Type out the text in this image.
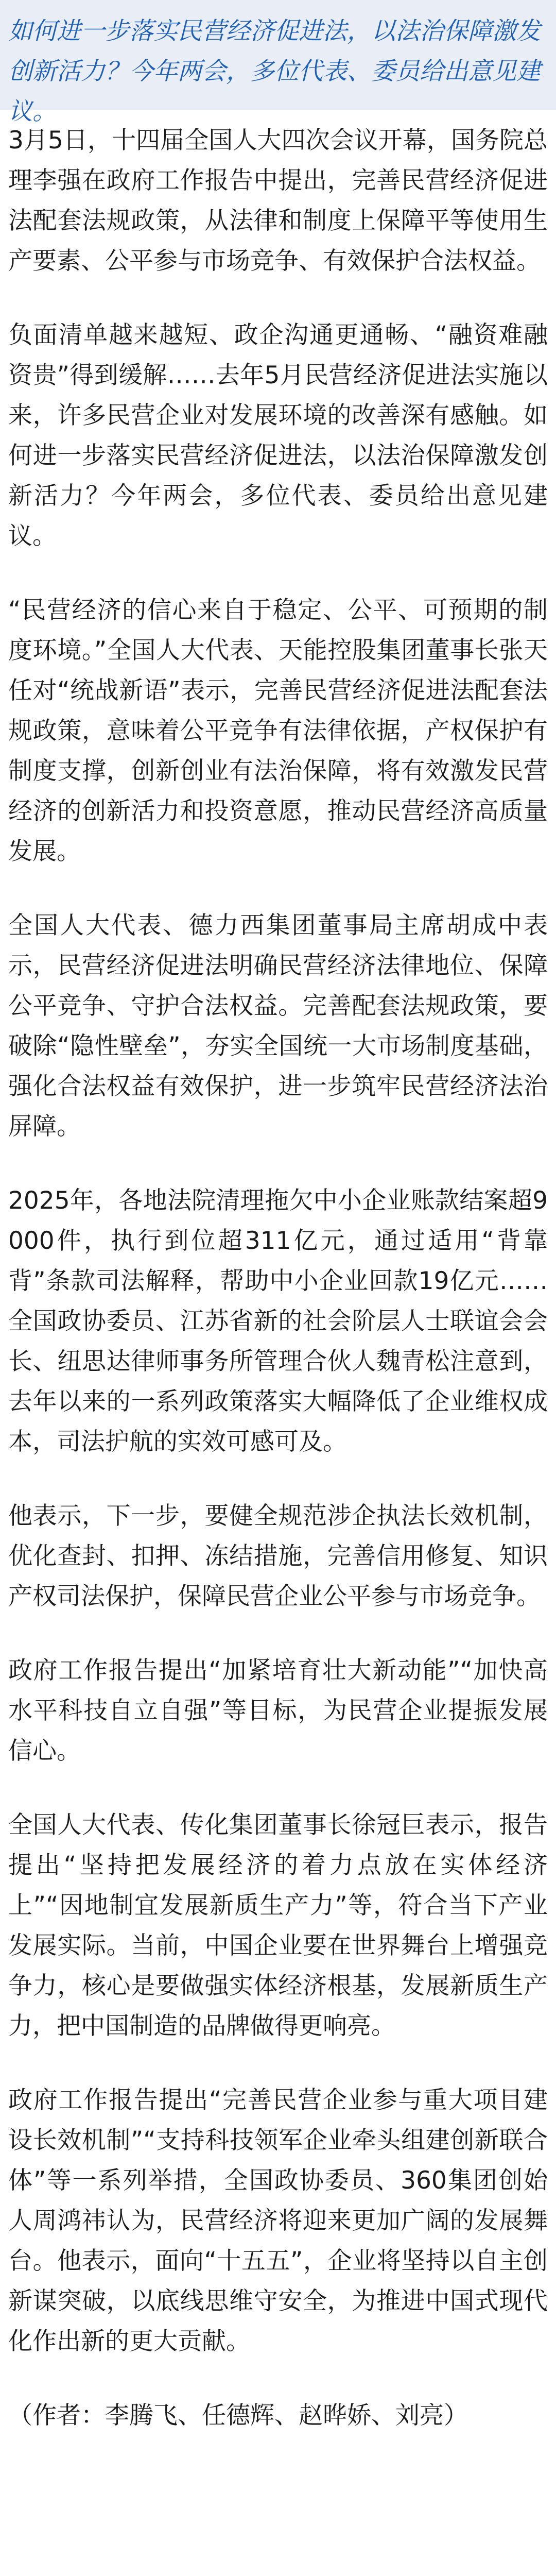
如何进一步落实民营经济促进法，以法治保障激发创新活力？今年两会，多位代表、委员给出意见建议。

3月5日，十四届全国人大四次会议开幕，国务院总理李强在政府工作报告中提出，完善民营经济促进法配套法规政策，从法律和制度上保障平等使用生产要素、公平参与市场竞争、有效保护合法权益。

负面清单越来越短、政企沟通更通畅、“融资难融资贵”得到缓解……去年5月民营经济促进法实施以来，许多民营企业对发展环境的改善深有感触。如何进一步落实民营经济促进法，以法治保障激发创新活力？今年两会，多位代表、委员给出意见建议。

“民营经济的信心来自于稳定、公平、可预期的制度环境。”全国人大代表、天能控股集团董事长张天任对“统战新语”表示，完善民营经济促进法配套法规政策，意味着公平竞争有法律依据，产权保护有制度支撑，创新创业有法治保障，将有效激发民营经济的创新活力和投资意愿，推动民营经济高质量发展。

全国人大代表、德力西集团董事局主席胡成中表示，民营经济促进法明确民营经济法律地位、保障公平竞争、守护合法权益。完善配套法规政策，要破除“隐性壁垒”，夯实全国统一大市场制度基础，强化合法权益有效保护，进一步筑牢民营经济法治屏障。

2025年，各地法院清理拖欠中小企业账款结案超9000件，执行到位超311亿元，通过适用“背靠背”条款司法解释，帮助中小企业回款19亿元……全国政协委员、江苏省新的社会阶层人士联谊会会长、纽思达律师事务所管理合伙人魏青松注意到，去年以来的一系列政策落实大幅降低了企业维权成本，司法护航的实效可感可及。

他表示，下一步，要健全规范涉企执法长效机制，优化查封、扣押、冻结措施，完善信用修复、知识产权司法保护，保障民营企业公平参与市场竞争。

政府工作报告提出“加紧培育壮大新动能”“加快高水平科技自立自强”等目标，为民营企业提振发展信心。

全国人大代表、传化集团董事长徐冠巨表示，报告提出“坚持把发展经济的着力点放在实体经济上”“因地制宜发展新质生产力”等，符合当下产业发展实际。当前，中国企业要在世界舞台上增强竞争力，核心是要做强实体经济根基，发展新质生产力，把中国制造的品牌做得更响亮。

政府工作报告提出“完善民营企业参与重大项目建设长效机制”“支持科技领军企业牵头组建创新联合体”等一系列举措，全国政协委员、360集团创始人周鸿祎认为，民营经济将迎来更加广阔的发展舞台。他表示，面向“十五五”，企业将坚持以自主创新谋突破，以底线思维守安全，为推进中国式现代化作出新的更大贡献。

（作者：李腾飞、任德辉、赵晔娇、刘亮）
